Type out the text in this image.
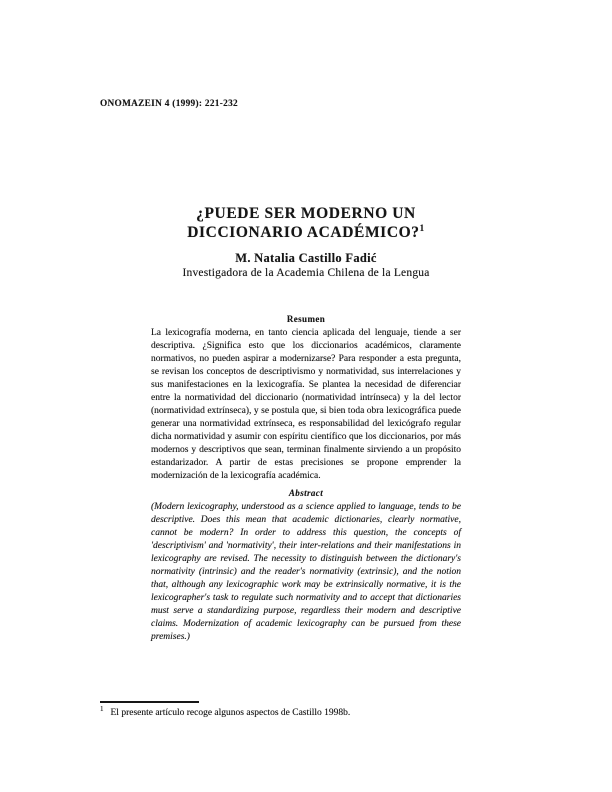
ONOMAZEIN 4 (1999): 221-232
¿PUEDE SER MODERNO UN
DICCIONARIO ACADÉMICO?$^1$
M. Natalia Castillo Fadić
Investigadora de la Academia Chilena de la Lengua
Resumen

La lexicografía moderna, en tanto ciencia aplicada del lenguaje, tiende a ser descriptiva. ¿Significa esto que los diccionarios académicos, claramente normativos, no pueden aspirar a modernizarse? Para responder a esta pregunta, se revisan los conceptos de descriptivismo y normatividad, sus interrelaciones y sus manifestaciones en la lexicografía. Se plantea la necesidad de diferenciar entre la normatividad del diccionario (normatividad intrínseca) y la del lector (normatividad extrínseca), y se postula que, si bien toda obra lexicográfica puede generar una normatividad extrínseca, es responsabilidad del lexicógrafo regular dicha normatividad y asumir con espíritu científico que los diccionarios, por más modernos y descriptivos que sean, terminan finalmente sirviendo a un propósito estandarizador. A partir de estas precisiones se propone emprender la modernización de la lexicografía académica.

Abstract

(Modern lexicography, understood as a science applied to language, tends to be descriptive. Does this mean that academic dictionaries, clearly normative, cannot be modern? In order to address this question, the concepts of 'descriptivism' and 'normativity', their inter-relations and their manifestations in lexicography are revised. The necessity to distinguish between the dictionary's normativity (intrinsic) and the reader's normativity (extrinsic), and the notion that, although any lexicographic work may be extrinsically normative, it is the lexicographer's task to regulate such normativity and to accept that dictionaries must serve a standardizing purpose, regardless their modern and descriptive claims. Modernization of academic lexicography can be pursued from these premises.)

$^1$ El presente artículo recoge algunos aspectos de Castillo 1998b.
